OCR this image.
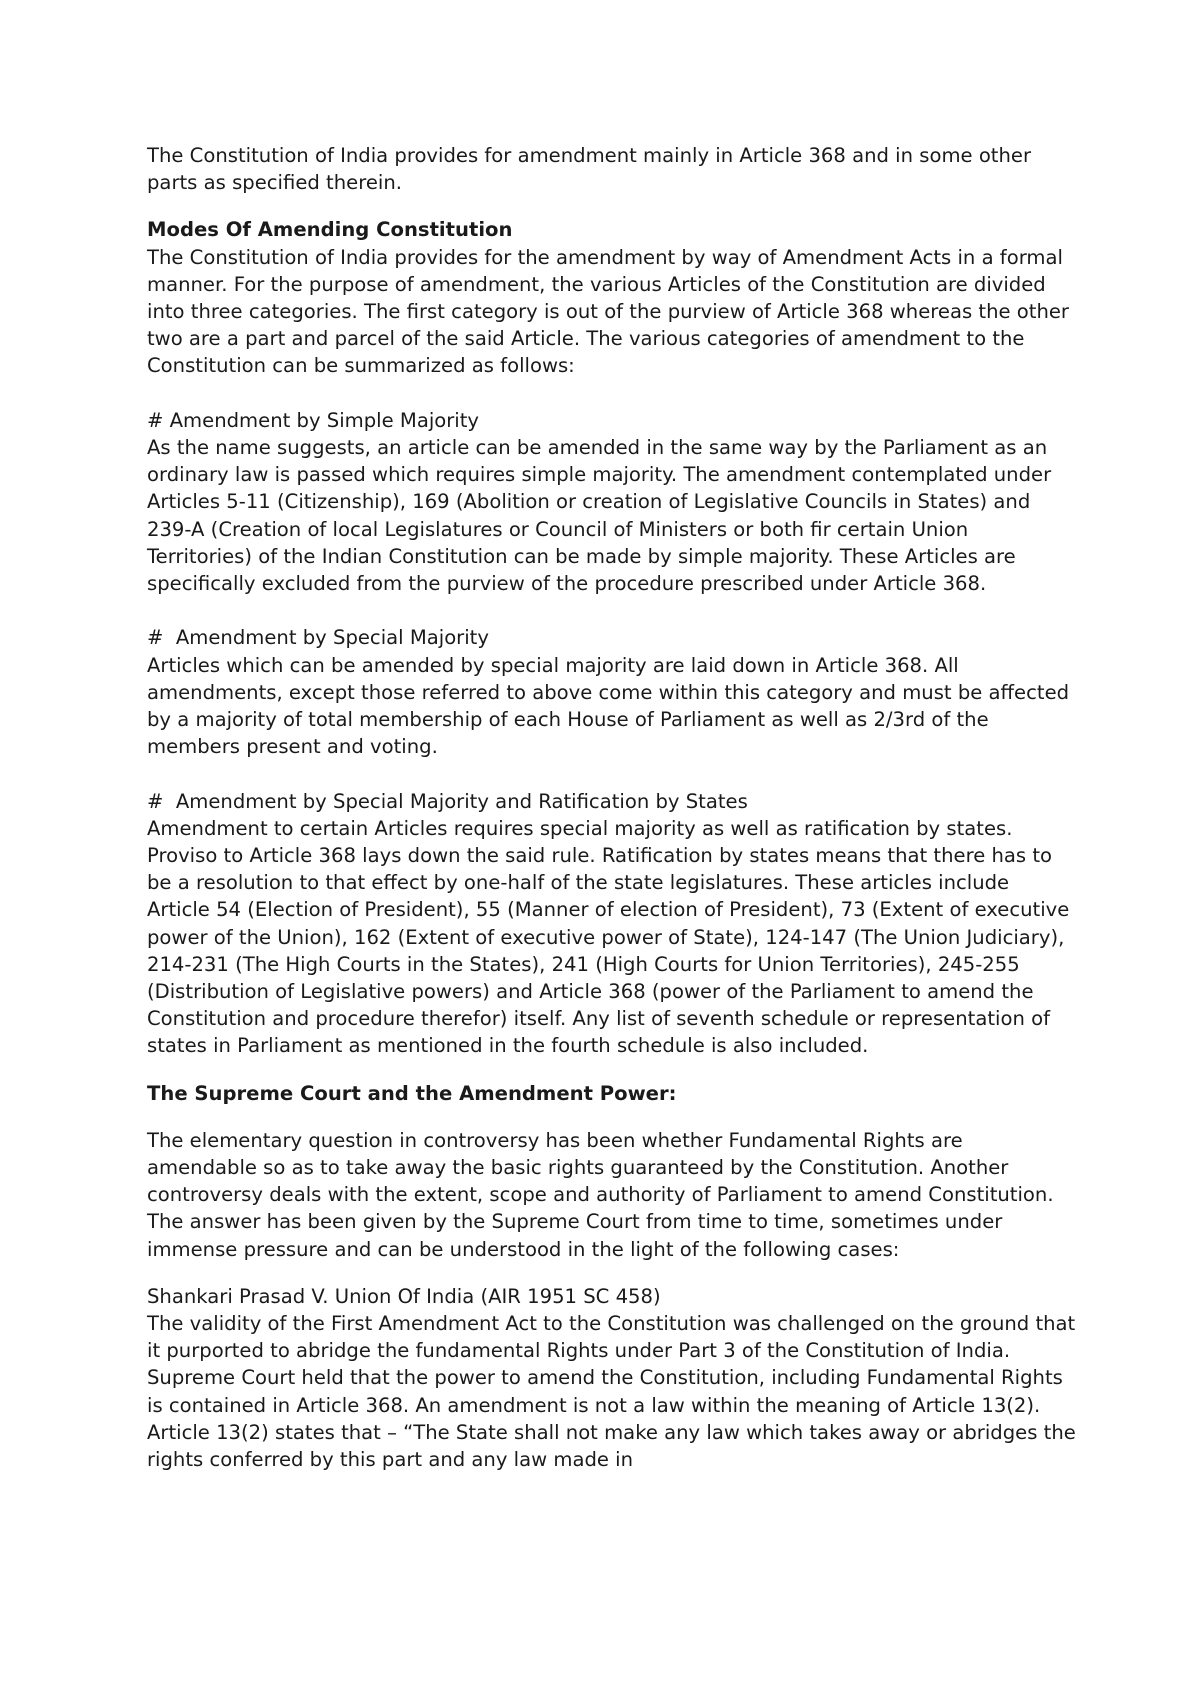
The Constitution of India provides for amendment mainly in Article 368 and in some other parts as specified therein.

Modes Of Amending Constitution

The Constitution of India provides for the amendment by way of Amendment Acts in a formal manner. For the purpose of amendment, the various Articles of the Constitution are divided into three categories. The first category is out of the purview of Article 368 whereas the other two are a part and parcel of the said Article. The various categories of amendment to the Constitution can be summarized as follows:

# Amendment by Simple Majority

As the name suggests, an article can be amended in the same way by the Parliament as an ordinary law is passed which requires simple majority. The amendment contemplated under Articles 5-11 (Citizenship), 169 (Abolition or creation of Legislative Councils in States) and 239-A (Creation of local Legislatures or Council of Ministers or both fir certain Union Territories) of the Indian Constitution can be made by simple majority. These Articles are specifically excluded from the purview of the procedure prescribed under Article 368.

#  Amendment by Special Majority

Articles which can be amended by special majority are laid down in Article 368. All amendments, except those referred to above come within this category and must be affected by a majority of total membership of each House of Parliament as well as 2/3rd of the members present and voting.

#  Amendment by Special Majority and Ratification by States

Amendment to certain Articles requires special majority as well as ratification by states. Proviso to Article 368 lays down the said rule. Ratification by states means that there has to be a resolution to that effect by one-half of the state legislatures. These articles include Article 54 (Election of President), 55 (Manner of election of President), 73 (Extent of executive power of the Union), 162 (Extent of executive power of State), 124-147 (The Union Judiciary), 214-231 (The High Courts in the States), 241 (High Courts for Union Territories), 245-255 (Distribution of Legislative powers) and Article 368 (power of the Parliament to amend the Constitution and procedure therefor) itself. Any list of seventh schedule or representation of states in Parliament as mentioned in the fourth schedule is also included.

The Supreme Court and the Amendment Power:

The elementary question in controversy has been whether Fundamental Rights are amendable so as to take away the basic rights guaranteed by the Constitution. Another controversy deals with the extent, scope and authority of Parliament to amend Constitution. The answer has been given by the Supreme Court from time to time, sometimes under immense pressure and can be understood in the light of the following cases:

Shankari Prasad V. Union Of India (AIR 1951 SC 458)

The validity of the First Amendment Act to the Constitution was challenged on the ground that it purported to abridge the fundamental Rights under Part 3 of the Constitution of India. Supreme Court held that the power to amend the Constitution, including Fundamental Rights is contained in Article 368. An amendment is not a law within the meaning of Article 13(2). Article 13(2) states that – “The State shall not make any law which takes away or abridges the rights conferred by this part and any law made in
